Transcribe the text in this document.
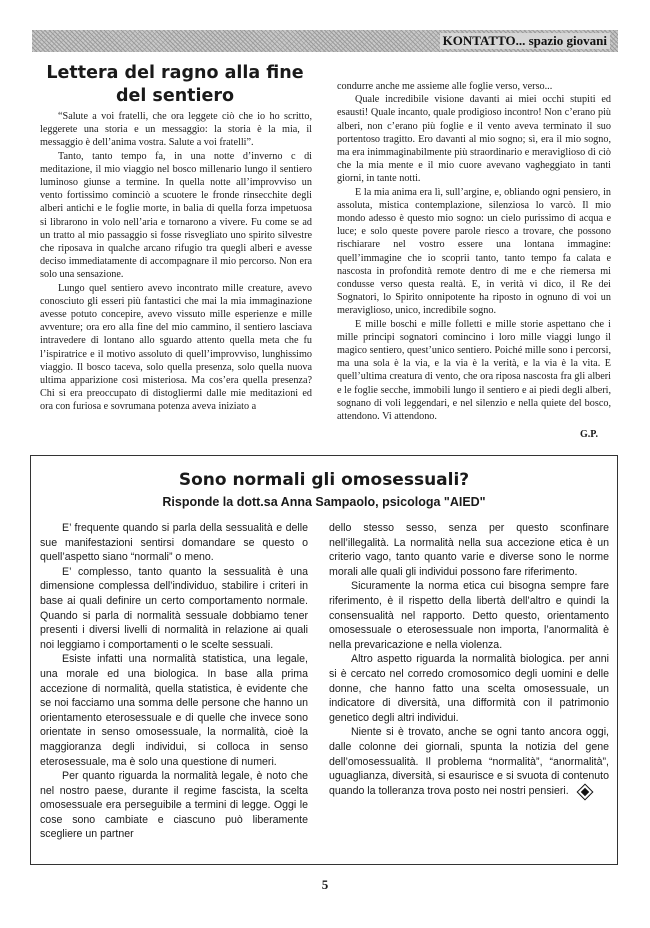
KONTATTO... spazio giovani
Lettera del ragno alla fine
del sentiero

“Salute a voi fratelli, che ora leggete ciò che io ho scritto, leggerete una storia e un messaggio: la storia è la mia, il messaggio è dell’anima vostra. Salute a voi fratelli”.

Tanto, tanto tempo fa, in una notte d’inverno c di meditazione, il mio viaggio nel bosco millenario lungo il sentiero luminoso giunse a termine. In quella notte all’improvviso un vento fortissimo cominciò a scuotere le fronde rinsecchite degli alberi antichi e le foglie morte, in balia di quella forza impetuosa si librarono in volo nell’aria e tornarono a vivere. Fu come se ad un tratto al mio passaggio si fosse risvegliato uno spirito silvestre che riposava in qualche arcano rifugio tra quegli alberi e avesse deciso immediatamente di accompagnare il mio percorso. Non era solo una sensazione.

Lungo quel sentiero avevo incontrato mille creature, avevo conosciuto gli esseri più fantastici che mai la mia immaginazione avesse potuto concepire, avevo vissuto mille esperienze e mille avventure; ora ero alla fine del mio cammino, il sentiero lasciava intravedere di lontano allo sguardo attento quella meta che fu l’ispiratrice e il motivo assoluto di quell’improvviso, lunghissimo viaggio. Il bosco taceva, solo quella presenza, solo quella nuova ultima apparizione così misteriosa. Ma cos’era quella presenza? Chi si era preoccupato di distogliermi dalle mie meditazioni ed ora con furiosa e sovrumana potenza aveva iniziato a

condurre anche me assieme alle foglie verso, verso...

Quale incredibile visione davanti ai miei occhi stupiti ed esausti! Quale incanto, quale prodigioso incontro! Non c’erano più alberi, non c’erano più foglie e il vento aveva terminato il suo portentoso tragitto. Ero davanti al mio sogno; sì, era il mio sogno, ma era inimmaginabilmente più straordinario e meraviglioso di ciò che la mia mente e il mio cuore avevano vagheggiato in tanti giorni, in tante notti.

E la mia anima era lì, sull’argine, e, obliando ogni pensiero, in assoluta, mistica contemplazione, silenziosa lo varcò. Il mio mondo adesso è questo mio sogno: un cielo purissimo di acqua e luce; e solo queste povere parole riesco a trovare, che possono rischiarare nel vostro essere una lontana immagine: quell’immagine che io scoprii tanto, tanto tempo fa calata e nascosta in profondità remote dentro di me e che riemersa mi condusse verso questa realtà. E, in verità vi dico, il Re dei Sognatori, lo Spirito onnipotente ha riposto in ognuno di voi un meraviglioso, unico, incredibile sogno.

E mille boschi e mille folletti e mille storie aspettano che i mille principi sognatori comincino i loro mille viaggi lungo il magico sentiero, quest’unico sentiero. Poiché mille sono i percorsi, ma una sola è la via, e la via è la verità, e la via è la vita. E quell’ultima creatura di vento, che ora riposa nascosta fra gli alberi e le foglie secche, immobili lungo il sentiero e ai piedi degli alberi, sognano di voli leggendari, e nel silenzio e nella quiete del bosco, attendono. Vi attendono.

G.P.
Sono normali gli omosessuali?
Risponde la dott.sa Anna Sampaolo, psicologa "AIED"

E’ frequente quando si parla della sessualità e delle sue manifestazioni sentirsi domandare se questo o quell’aspetto siano “normali” o meno.

E’ complesso, tanto quanto la sessualità è una dimensione complessa dell’individuo, stabilire i criteri in base ai quali definire un certo comportamento normale. Quando si parla di normalità sessuale dobbiamo tener presenti i diversi livelli di normalità in relazione ai quali noi leggiamo i comportamenti o le scelte sessuali.

Esiste infatti una normalità statistica, una legale, una morale ed una biologica. In base alla prima accezione di normalità, quella statistica, è evidente che se noi facciamo una somma delle persone che hanno un orientamento eterosessuale e di quelle che invece sono orientate in senso omosessuale, la normalità, cioè la maggioranza degli individui, si colloca in senso eterosessuale, ma è solo una questione di numeri.

Per quanto riguarda la normalità legale, è noto che nel nostro paese, durante il regime fascista, la scelta omosessuale era perseguibile a termini di legge. Oggi le cose sono cambiate e ciascuno può liberamente scegliere un partner

dello stesso sesso, senza per questo sconfinare nell’illegalità. La normalità nella sua accezione etica è un criterio vago, tanto quanto varie e diverse sono le norme morali alle quali gli individui possono fare riferimento.

Sicuramente la norma etica cui bisogna sempre fare riferimento, è il rispetto della libertà dell’altro e quindi la consensualità nel rapporto. Detto questo, orientamento omosessuale o eterosessuale non importa, l’anormalità è nella prevaricazione e nella violenza.

Altro aspetto riguarda la normalità biologica. per anni si è cercato nel corredo cromosomico degli uomini e delle donne, che hanno fatto una scelta omosessuale, un indicatore di diversità, una difformità con il patrimonio genetico degli altri individui.

Niente si è trovato, anche se ogni tanto ancora oggi, dalle colonne dei giornali, spunta la notizia del gene dell’omosessualità. Il problema “normalità”, “anormalità”, uguaglianza, diversità, si esaurisce e si svuota di contenuto quando la tolleranza trova posto nei nostri pensieri.

5
